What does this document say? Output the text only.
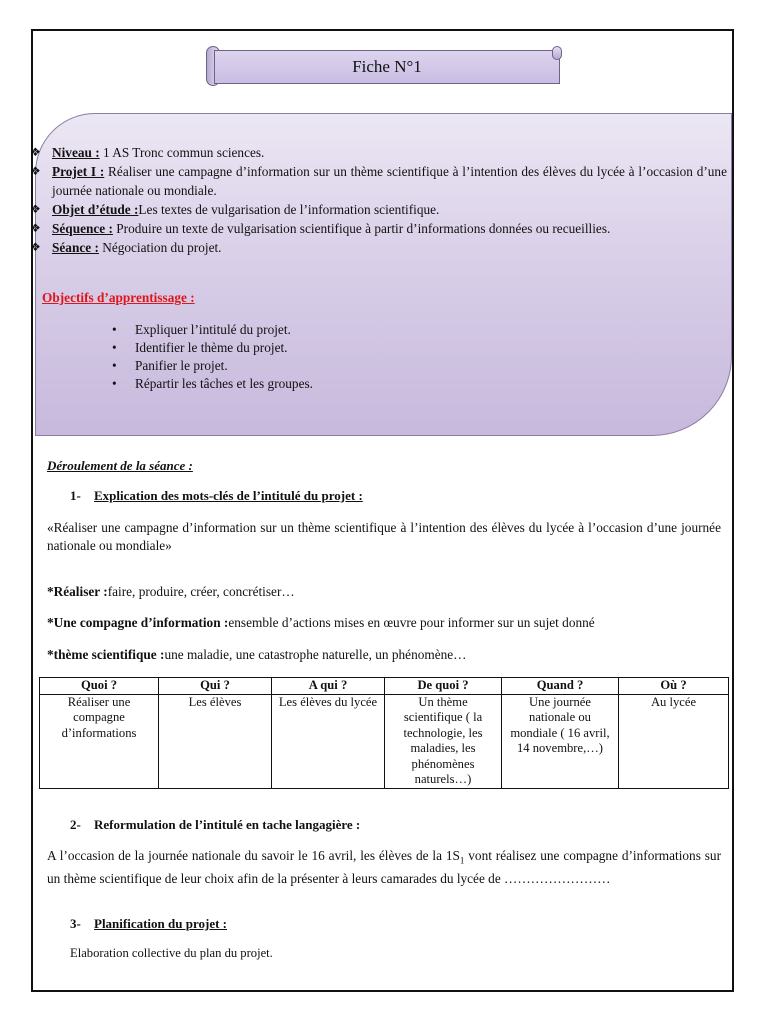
Fiche N°1
❖ Niveau : 1 AS Tronc commun sciences.
❖ Projet I : Réaliser une campagne d’information sur un thème scientifique à l’intention des élèves du lycée à l’occasion d’une journée nationale ou mondiale.
❖ Objet d’étude :Les textes de vulgarisation de l’information scientifique.
❖ Séquence : Produire un texte de vulgarisation scientifique à partir d’informations données ou recueillies.
❖ Séance : Négociation du projet.
Objectifs d’apprentissage :
• Expliquer l’intitulé du projet.
• Identifier le thème du projet.
• Panifier le projet.
• Répartir les tâches et les groupes.
Déroulement de la séance :
1- Explication des mots-clés de l’intitulé du projet :
«Réaliser une campagne d’information sur un thème scientifique à l’intention des élèves du lycée à l’occasion d’une journée nationale ou mondiale»
*Réaliser :faire, produire, créer, concrétiser…
*Une compagne d’information :ensemble d’actions mises en œuvre pour informer sur un sujet donné
*thème scientifique :une maladie, une catastrophe naturelle, un phénomène…
Quoi ?	Qui ?	A qui ?	De quoi ?	Quand ?	Où ?
Réaliser une compagne d’informations	Les élèves	Les élèves du lycée	Un thème scientifique ( la technologie, les maladies, les phénomènes naturels…)	Une journée nationale ou mondiale ( 16 avril, 14 novembre,…)	Au lycée
2- Reformulation de l’intitulé en tache langagière :
A l’occasion de la journée nationale du savoir le 16 avril, les élèves de la $1S_1$ vont réalisez une compagne d’informations sur un thème scientifique de leur choix afin de la présenter à leurs camarades du lycée de ……………………
3- Planification du projet :
Elaboration collective du plan du projet.
